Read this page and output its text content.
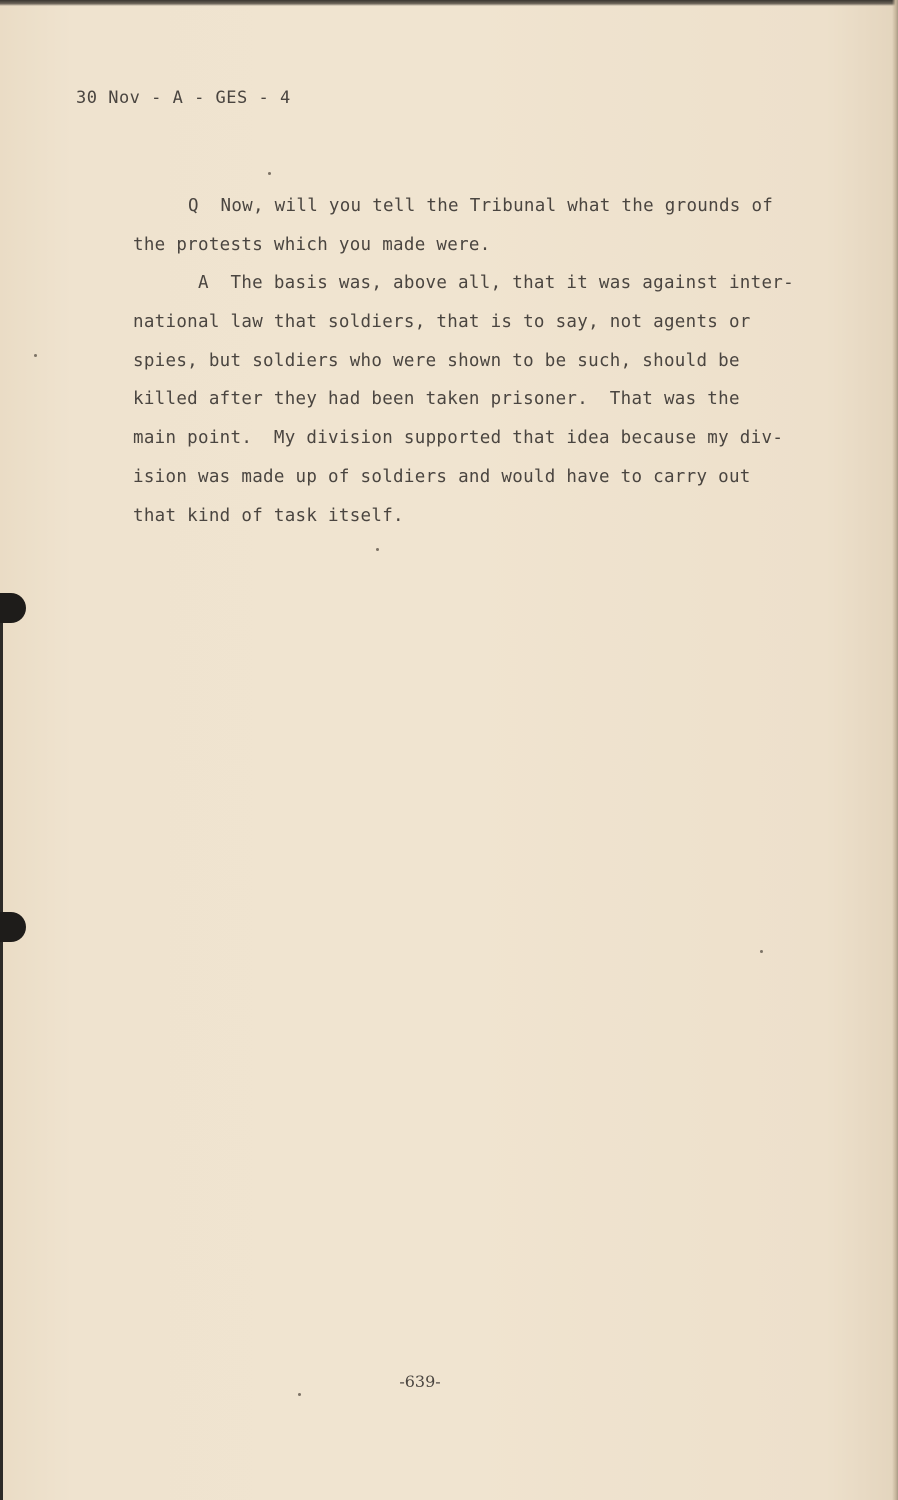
30 Nov - A - GES - 4
Q  Now, will you tell the Tribunal what the grounds of
the protests which you made were.
A  The basis was, above all, that it was against inter-
national law that soldiers, that is to say, not agents or
spies, but soldiers who were shown to be such, should be
killed after they had been taken prisoner.  That was the
main point.  My division supported that idea because my div-
ision was made up of soldiers and would have to carry out
that kind of task itself.
-639-
